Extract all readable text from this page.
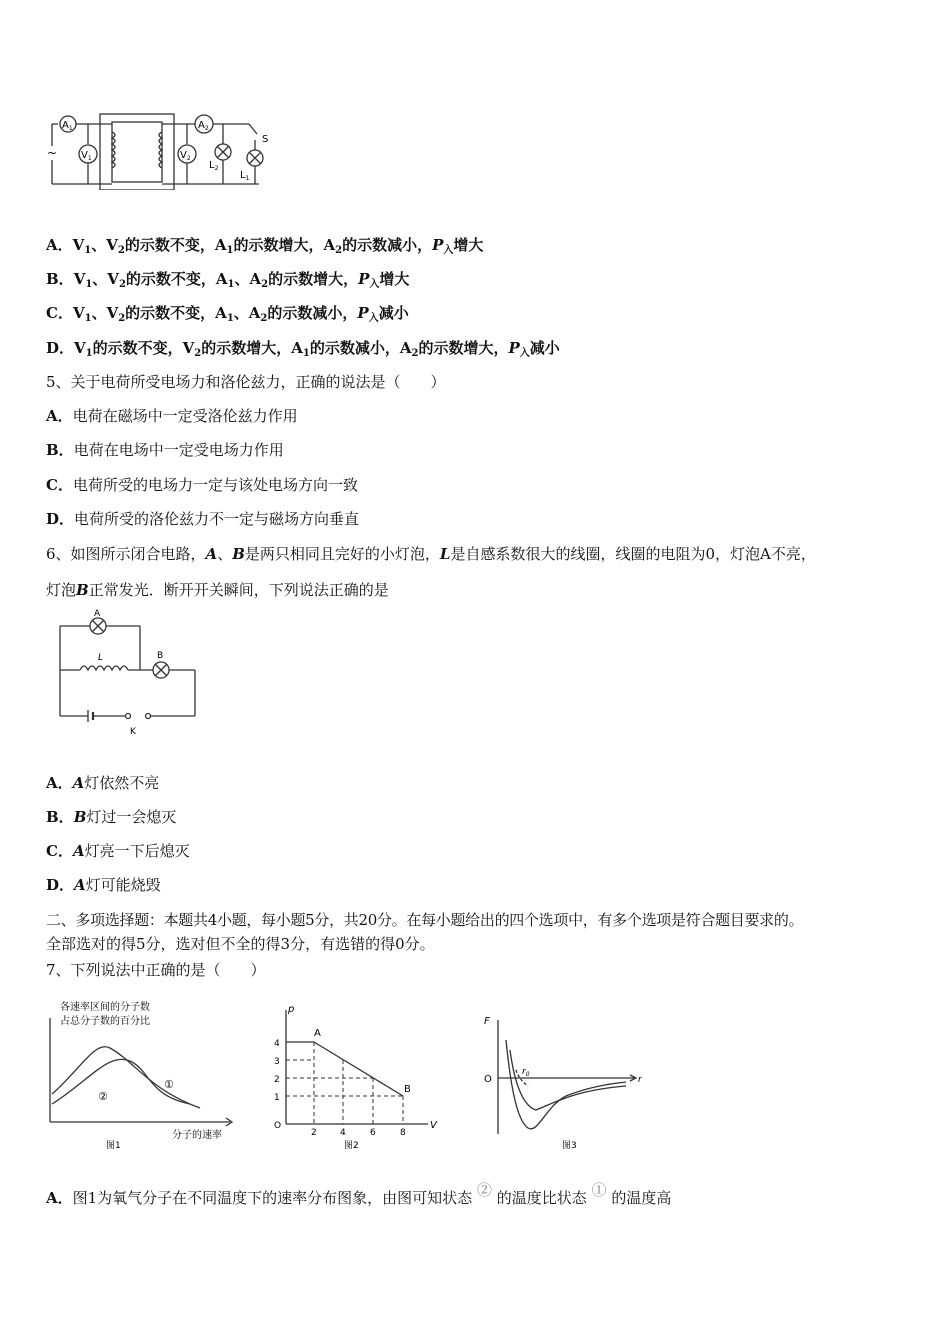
$A_1$
$V_1$
~
$A_2$
$V_2$
$L_2$
$L_1$
S
A．$V_1$、$V_2$的示数不变，$A_1$的示数增大，$A_2$的示数减小，$P_入$增大
B．$V_1$、$V_2$的示数不变，$A_1$、$A_2$的示数增大，$P_入$增大
C．$V_1$、$V_2$的示数不变，$A_1$、$A_2$的示数减小，$P_入$减小
D．$V_1$的示数不变，$V_2$的示数增大，$A_1$的示数减小，$A_2$的示数增大，$P_入$减小
5、关于电荷所受电场力和洛伦兹力，正确的说法是（　　）
A．电荷在磁场中一定受洛伦兹力作用
B．电荷在电场中一定受电场力作用
C．电荷所受的电场力一定与该处电场方向一致
D．电荷所受的洛伦兹力不一定与磁场方向垂直
6、如图所示闭合电路，A、B是两只相同且完好的小灯泡，L是自感系数很大的线圈，线圈的电阻为0，灯泡A不亮，
灯泡B正常发光．断开开关瞬间，下列说法正确的是
A
L	B
K
A．A灯依然不亮
B．B灯过一会熄灭
C．A灯亮一下后熄灭
D．A灯可能烧毁
二、多项选择题：本题共4小题，每小题5分，共20分。在每小题给出的四个选项中，有多个选项是符合题目要求的。
全部选对的得5分，选对但不全的得3分，有选错的得0分。
7、下列说法中正确的是（　　）
各速率区间的分子数
占总分子数的百分比
①
②
分子的速率
图1
p
A
B
4
3
2
1
O
2	4	6	8
V
图2
F
O
$r_0$
r
图3
A．图1为氧气分子在不同温度下的速率分布图象，由图可知状态 ② 的温度比状态 ① 的温度高
